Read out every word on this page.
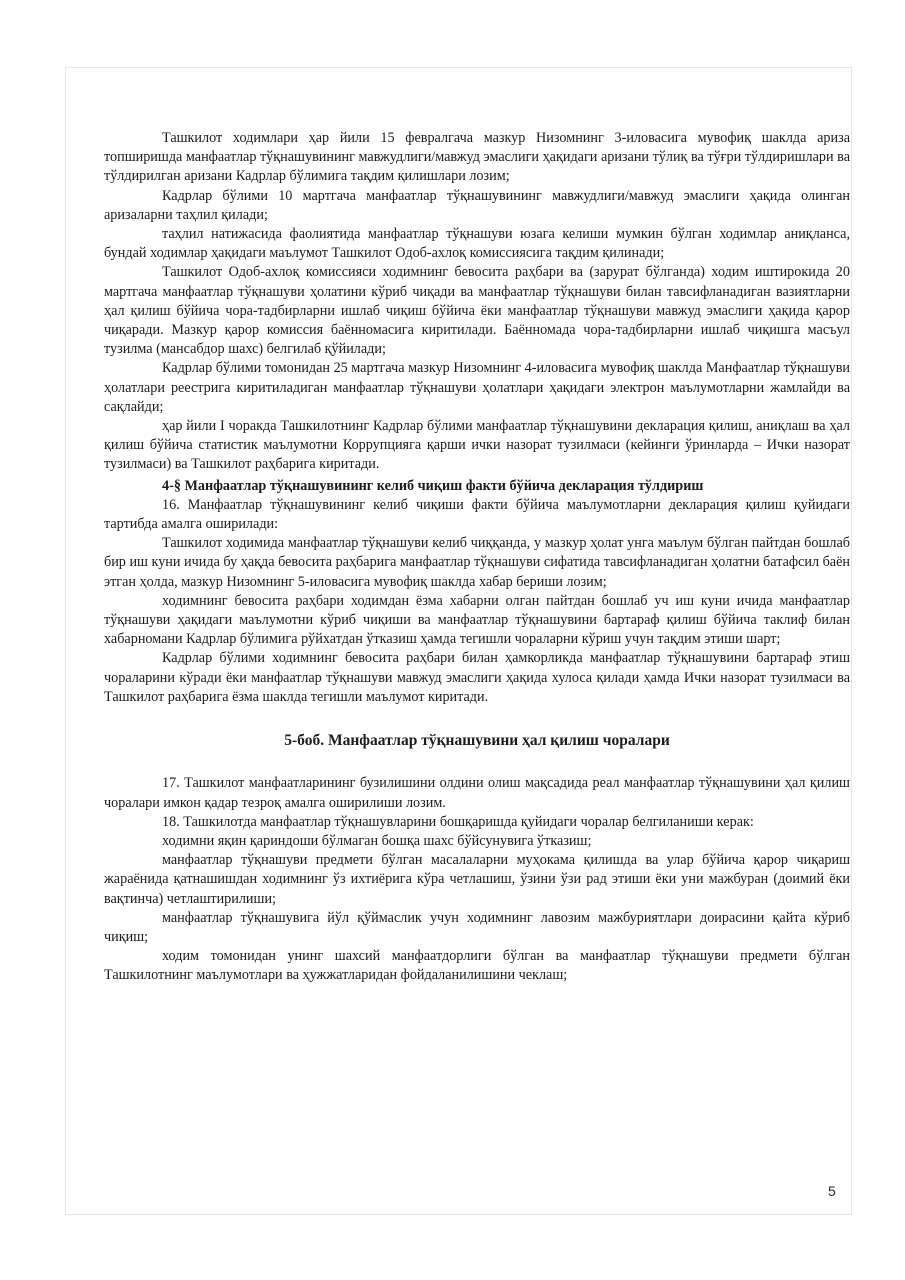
Ташкилот ходимлари ҳар йили 15 февралгача мазкур Низомнинг 3-иловасига мувофиқ шаклда ариза топширишда манфаатлар тўқнашувининг мавжудлиги/мавжуд эмаслиги ҳақидаги аризани тўлиқ ва тўғри тўлдиришлари ва тўлдирилган аризани Кадрлар бўлимига тақдим қилишлари лозим;

Кадрлар бўлими 10 мартгача манфаатлар тўқнашувининг мавжудлиги/мавжуд эмаслиги ҳақида олинган аризаларни таҳлил қилади;

таҳлил натижасида фаолиятида манфаатлар тўқнашуви юзага келиши мумкин бўлган ходимлар аниқланса, бундай ходимлар ҳақидаги маълумот Ташкилот Одоб-ахлоқ комиссиясига тақдим қилинади;

Ташкилот Одоб-ахлоқ комиссияси ходимнинг бевосита раҳбари ва (зарурат бўлганда) ходим иштирокида 20 мартгача манфаатлар тўқнашуви ҳолатини кўриб чиқади ва манфаатлар тўқнашуви билан тавсифланадиган вазиятларни ҳал қилиш бўйича чора-тадбирларни ишлаб чиқиш бўйича ёки манфаатлар тўқнашуви мавжуд эмаслиги ҳақида қарор чиқаради. Мазкур қарор комиссия баённомасига киритилади. Баённомада чора-тадбирларни ишлаб чиқишга масъул тузилма (мансабдор шахс) белгилаб қўйилади;

Кадрлар бўлими томонидан 25 мартгача мазкур Низомнинг 4-иловасига мувофиқ шаклда Манфаатлар тўқнашуви ҳолатлари реестрига киритиладиган манфаатлар тўқнашуви ҳолатлари ҳақидаги электрон маълумотларни жамлайди ва сақлайди;

ҳар йили I чоракда Ташкилотнинг Кадрлар бўлими манфаатлар тўқнашувини декларация қилиш, аниқлаш ва ҳал қилиш бўйича статистик маълумотни Коррупцияга қарши ички назорат тузилмаси (кейинги ўринларда – Ички назорат тузилмаси) ва Ташкилот раҳбарига киритади.

4-§ Манфаатлар тўқнашувининг келиб чиқиш факти бўйича декларация тўлдириш

16. Манфаатлар тўқнашувининг келиб чиқиши факти бўйича маълумотларни декларация қилиш қуйидаги тартибда амалга оширилади:

Ташкилот ходимида манфаатлар тўқнашуви келиб чиққанда, у мазкур ҳолат унга маълум бўлган пайтдан бошлаб бир иш куни ичида бу ҳақда бевосита раҳбарига манфаатлар тўқнашуви сифатида тавсифланадиган ҳолатни батафсил баён этган ҳолда, мазкур Низомнинг 5-иловасига мувофиқ шаклда хабар бериши лозим;

ходимнинг бевосита раҳбари ходимдан ёзма хабарни олган пайтдан бошлаб уч иш куни ичида манфаатлар тўқнашуви ҳақидаги маълумотни кўриб чиқиши ва манфаатлар тўқнашувини бартараф қилиш бўйича таклиф билан хабарномани Кадрлар бўлимига рўйхатдан ўтказиш ҳамда тегишли чораларни кўриш учун тақдим этиши шарт;

Кадрлар бўлими ходимнинг бевосита раҳбари билан ҳамкорликда манфаатлар тўқнашувини бартараф этиш чораларини кўради ёки манфаатлар тўқнашуви мавжуд эмаслиги ҳақида хулоса қилади ҳамда Ички назорат тузилмаси ва Ташкилот раҳбарига ёзма шаклда тегишли маълумот киритади.

5-боб. Манфаатлар тўқнашувини ҳал қилиш чоралари

17. Ташкилот манфаатларининг бузилишини олдини олиш мақсадида реал манфаатлар тўқнашувини ҳал қилиш чоралари имкон қадар тезроқ амалга оширилиши лозим.

18. Ташкилотда манфаатлар тўқнашувларини бошқаришда қуйидаги чоралар белгиланиши керак:

ходимни яқин қариндоши бўлмаган бошқа шахс бўйсунувига ўтказиш;

манфаатлар тўқнашуви предмети бўлган масалаларни муҳокама қилишда ва улар бўйича қарор чиқариш жараёнида қатнашишдан ходимнинг ўз ихтиёрига кўра четлашиш, ўзини ўзи рад этиши ёки уни мажбуран (доимий ёки вақтинча) четлаштирилиши;

манфаатлар тўқнашувига йўл қўймаслик учун ходимнинг лавозим мажбуриятлари доирасини қайта кўриб чиқиш;

ходим томонидан унинг шахсий манфаатдорлиги бўлган ва манфаатлар тўқнашуви предмети бўлган Ташкилотнинг маълумотлари ва ҳужжатларидан фойдаланилишини чеклаш;

5
